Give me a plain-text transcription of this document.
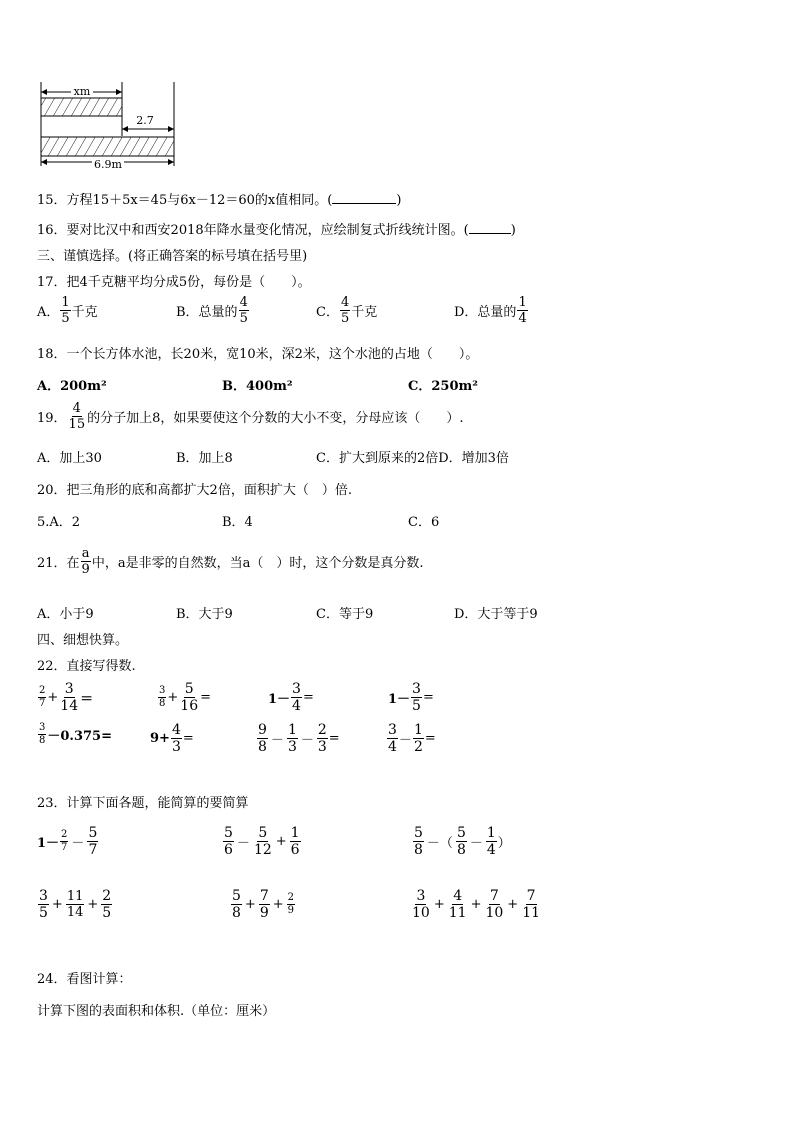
xm
2.7
6.9m
15．方程15＋5x＝45与6x－12＝60的x值相同。(	)
16．要对比汉中和西安2018年降水量变化情况，应绘制复式折线统计图。(	)
三、谨慎选择。(将正确答案的标号填在括号里)
17．把4千克糖平均分成5份，每份是（　　）。
A． $\frac{1}{5}$ 千克	B．总量的 $\frac{4}{5}$	C． $\frac{4}{5}$ 千克	D．总量的 $\frac{1}{4}$
18．一个长方体水池，长20米，宽10米，深2米，这个水池的占地（　　）。
A．200m²	B．400m²	C．250m²
19． $\frac{4}{15}$ 的分子加上8，如果要使这个分数的大小不变，分母应该（　　）.
A．加上30	B．加上8	C．扩大到原来的2倍D．增加3倍
20．把三角形的底和高都扩大2倍，面积扩大（　）倍.
5.A．2	B．4	C．6
21．在 $\frac{a}{9}$ 中，a是非零的自然数，当a（　）时，这个分数是真分数.
A．小于9	B．大于9	C．等于9	D．大于等于9
四、细想快算。
22．直接写得数.
$\frac{2}{7} + \frac{3}{14}$ ＝	$\frac{3}{8} + \frac{5}{16}$ =	$1- \frac{3}{4}$ =	$1- \frac{3}{5}$ =
$\frac{3}{8} -0.375=$	$9+ \frac{4}{3}$ =	$\frac{9}{8} - \frac{1}{3} - \frac{2}{3}$ =	$\frac{3}{4} - \frac{1}{2}$ =
23．计算下面各题，能简算的要简算
$1- \frac{2}{7} - \frac{5}{7}$	$\frac{5}{6} - \frac{5}{12} + \frac{1}{6}$	$\frac{5}{8}$ －（ $\frac{5}{8} - \frac{1}{4}$ ）
$\frac{3}{5} + \frac{11}{14} + \frac{2}{5}$	$\frac{5}{8} + \frac{7}{9} + \frac{2}{9}$	$\frac{3}{10} + \frac{4}{11} + \frac{7}{10} + \frac{7}{11}$
24．看图计算：
计算下图的表面积和体积.（单位：厘米）
